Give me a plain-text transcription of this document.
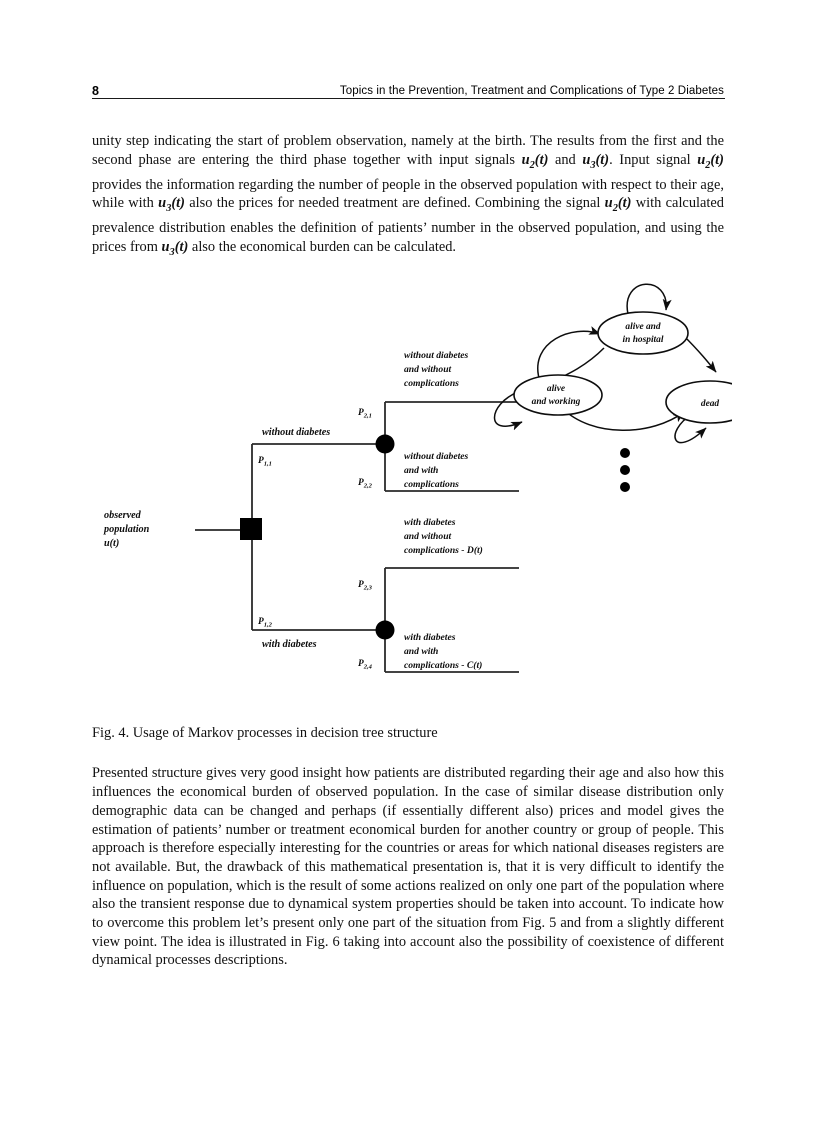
8	Topics in the Prevention, Treatment and Complications of Type 2 Diabetes

unity step indicating the start of problem observation, namely at the birth. The results from the first and the second phase are entering the third phase together with input signals $u_2(t)$ and $u_3(t)$. Input signal $u_2(t)$ provides the information regarding the number of people in the observed population with respect to their age, while with $u_3(t)$ also the prices for needed treatment are defined. Combining the signal $u_2(t)$ with calculated prevalence distribution enables the definition of patients’ number in the observed population, and using the prices from $u_3(t)$ also the economical burden can be calculated.

observed
population
u(t)
without diabetes
with diabetes
$P_{1,1}$
$P_{1,2}$
$P_{2,1}$
$P_{2,2}$
$P_{2,3}$
$P_{2,4}$
without diabetes
and without
complications
without diabetes
and with
complications
with diabetes
and without
complications - D(t)
with diabetes
and with
complications - C(t)
alive and
in hospital
alive
and working	dead

Fig. 4. Usage of Markov processes in decision tree structure

Presented structure gives very good insight how patients are distributed regarding their age and also how this influences the economical burden of observed population. In the case of similar disease distribution only demographic data can be changed and perhaps (if essentially different also) prices and model gives the estimation of patients’ number or treatment economical burden for another country or group of people. This approach is therefore especially interesting for the countries or areas for which national diseases registers are not available. But, the drawback of this mathematical presentation is, that it is very difficult to identify the influence on population, which is the result of some actions realized on only one part of the population where also the transient response due to dynamical system properties should be taken into account. To indicate how to overcome this problem let’s present only one part of the situation from Fig. 5 and from a slightly different view point. The idea is illustrated in Fig. 6 taking into account also the possibility of coexistence of different dynamical processes descriptions.
